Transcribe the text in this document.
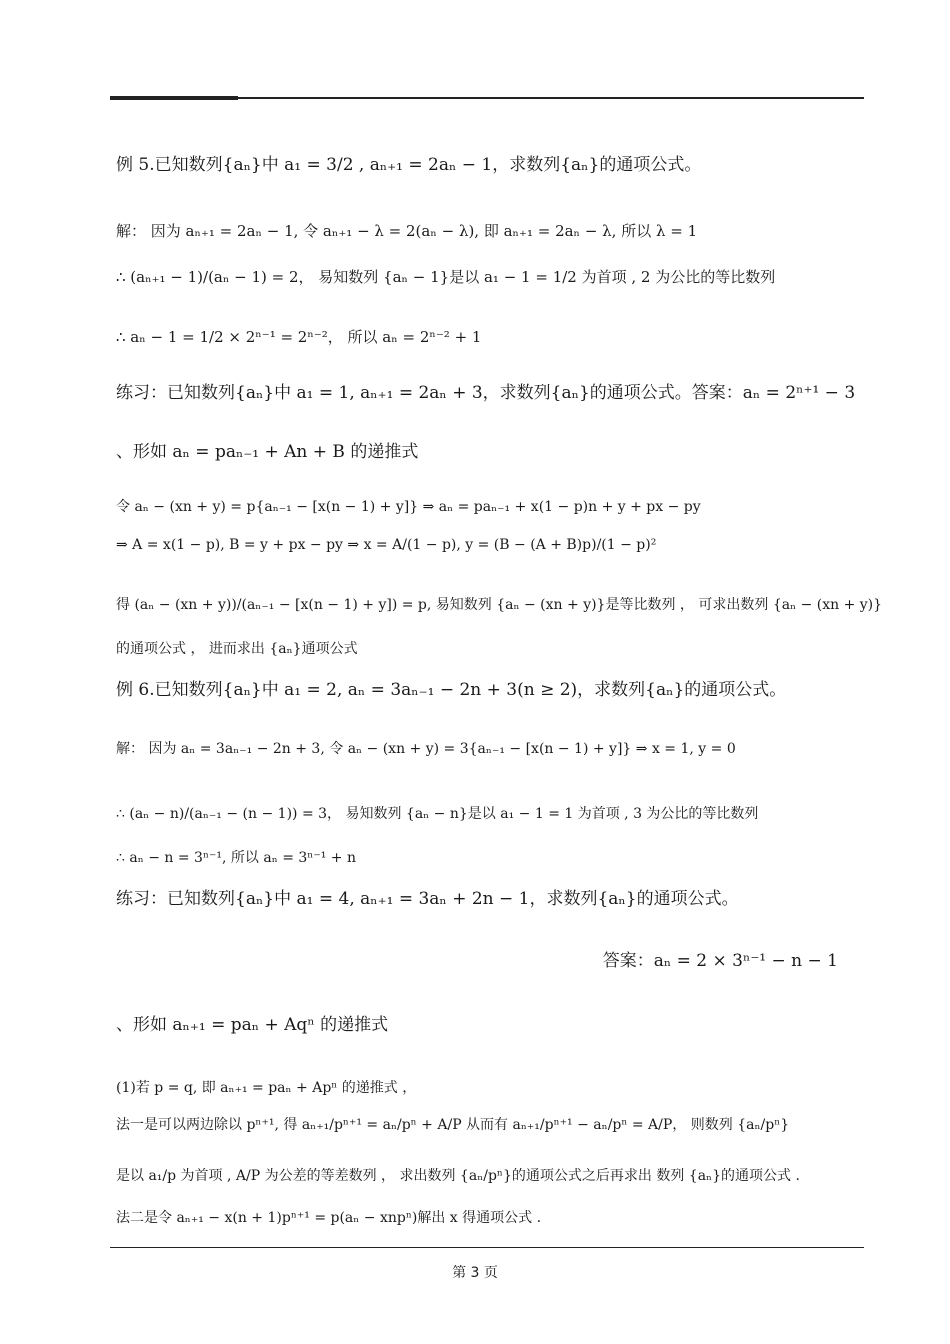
例 5.已知数列{aₙ}中 a₁ = 3/2 , aₙ₊₁ = 2aₙ − 1，求数列{aₙ}的通项公式。
解： 因为 aₙ₊₁ = 2aₙ − 1, 令 aₙ₊₁ − λ = 2(aₙ − λ), 即 aₙ₊₁ = 2aₙ − λ, 所以 λ = 1
∴ (aₙ₊₁ − 1)/(aₙ − 1) = 2， 易知数列 {aₙ − 1}是以 a₁ − 1 = 1/2 为首项 , 2 为公比的等比数列
∴ aₙ − 1 = 1/2 × 2ⁿ⁻¹ = 2ⁿ⁻²， 所以 aₙ = 2ⁿ⁻² + 1
练习：已知数列{aₙ}中 a₁ = 1, aₙ₊₁ = 2aₙ + 3，求数列{aₙ}的通项公式。答案：aₙ = 2ⁿ⁺¹ − 3
、形如 aₙ = paₙ₋₁ + An + B 的递推式
令 aₙ − (xn + y) = p{aₙ₋₁ − [x(n − 1) + y]} ⇒ aₙ = paₙ₋₁ + x(1 − p)n + y + px − py
⇒ A = x(1 − p), B = y + px − py ⇒ x = A/(1 − p), y = (B − (A + B)p)/(1 − p)²
得 (aₙ − (xn + y))/(aₙ₋₁ − [x(n − 1) + y]) = p, 易知数列 {aₙ − (xn + y)}是等比数列 ， 可求出数列 {aₙ − (xn + y)}
的通项公式 ， 进而求出 {aₙ}通项公式
例 6.已知数列{aₙ}中 a₁ = 2, aₙ = 3aₙ₋₁ − 2n + 3(n ≥ 2)，求数列{aₙ}的通项公式。
解： 因为 aₙ = 3aₙ₋₁ − 2n + 3, 令 aₙ − (xn + y) = 3{aₙ₋₁ − [x(n − 1) + y]} ⇒ x = 1, y = 0
∴ (aₙ − n)/(aₙ₋₁ − (n − 1)) = 3， 易知数列 {aₙ − n}是以 a₁ − 1 = 1 为首项 , 3 为公比的等比数列
∴ aₙ − n = 3ⁿ⁻¹, 所以 aₙ = 3ⁿ⁻¹ + n
练习：已知数列{aₙ}中 a₁ = 4, aₙ₊₁ = 3aₙ + 2n − 1，求数列{aₙ}的通项公式。
答案：aₙ = 2 × 3ⁿ⁻¹ − n − 1
、形如 aₙ₊₁ = paₙ + Aqⁿ 的递推式
(1)若 p = q, 即 aₙ₊₁ = paₙ + Apⁿ 的递推式 ，
法一是可以两边除以 pⁿ⁺¹, 得 aₙ₊₁/pⁿ⁺¹ = aₙ/pⁿ + A/P 从而有 aₙ₊₁/pⁿ⁺¹ − aₙ/pⁿ = A/P， 则数列 {aₙ/pⁿ}
是以 a₁/p 为首项 , A/P 为公差的等差数列 ， 求出数列 {aₙ/pⁿ}的通项公式之后再求出 数列 {aₙ}的通项公式 .
法二是令 aₙ₊₁ − x(n + 1)pⁿ⁺¹ = p(aₙ − xnpⁿ)解出 x 得通项公式 .
第 3 页
